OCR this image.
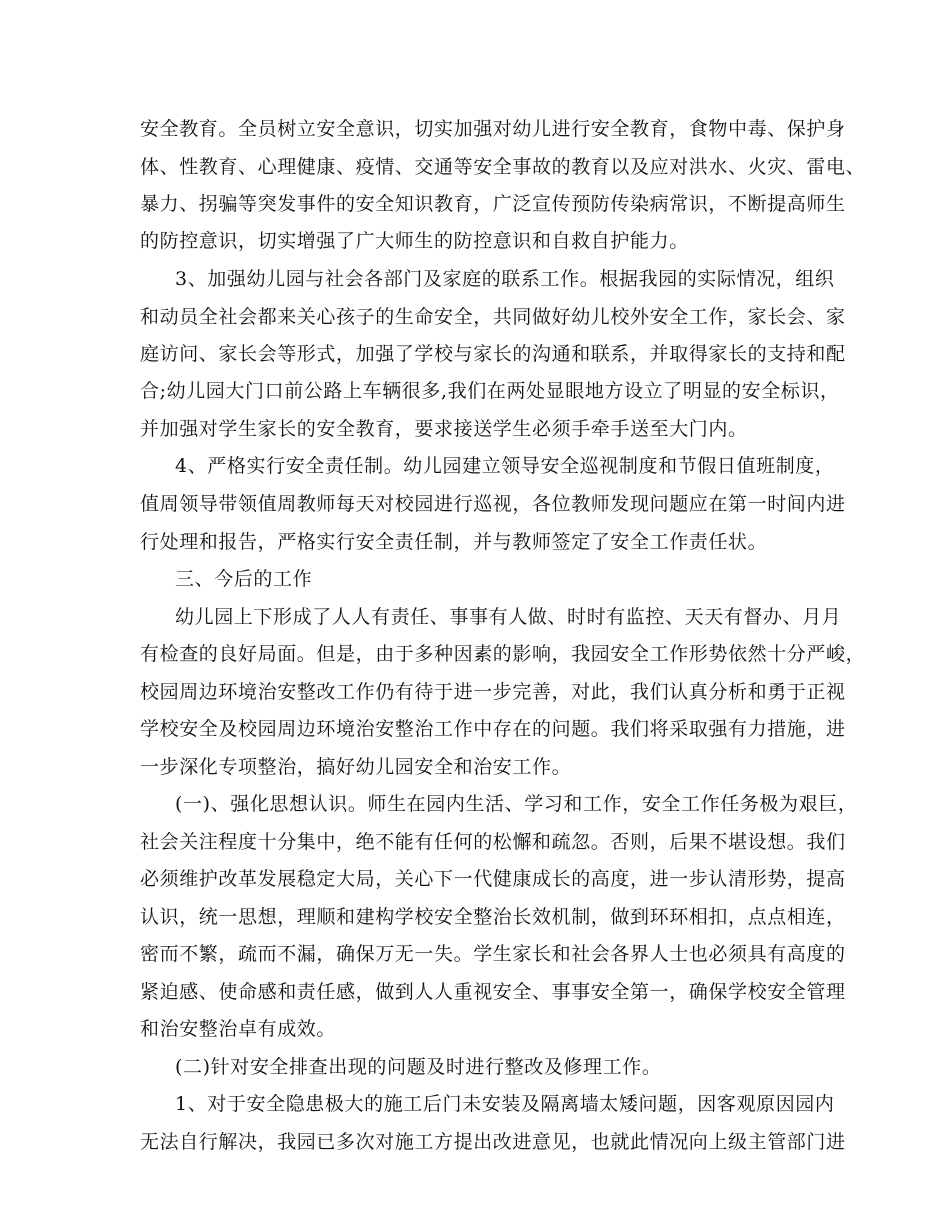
安全教育。全员树立安全意识，切实加强对幼儿进行安全教育，食物中毒、保护身
体、性教育、心理健康、疫情、交通等安全事故的教育以及应对洪水、火灾、雷电、
暴力、拐骗等突发事件的安全知识教育，广泛宣传预防传染病常识，不断提高师生
的防控意识，切实增强了广大师生的防控意识和自救自护能力。
3、加强幼儿园与社会各部门及家庭的联系工作。根据我园的实际情况，组织
和动员全社会都来关心孩子的生命安全，共同做好幼儿校外安全工作，家长会、家
庭访问、家长会等形式，加强了学校与家长的沟通和联系，并取得家长的支持和配
合;幼儿园大门口前公路上车辆很多,我们在两处显眼地方设立了明显的安全标识，
并加强对学生家长的安全教育，要求接送学生必须手牵手送至大门内。
4、严格实行安全责任制。幼儿园建立领导安全巡视制度和节假日值班制度，
值周领导带领值周教师每天对校园进行巡视，各位教师发现问题应在第一时间内进
行处理和报告，严格实行安全责任制，并与教师签定了安全工作责任状。
三、今后的工作
幼儿园上下形成了人人有责任、事事有人做、时时有监控、天天有督办、月月
有检查的良好局面。但是，由于多种因素的影响，我园安全工作形势依然十分严峻，
校园周边环境治安整改工作仍有待于进一步完善，对此，我们认真分析和勇于正视
学校安全及校园周边环境治安整治工作中存在的问题。我们将采取强有力措施，进
一步深化专项整治，搞好幼儿园安全和治安工作。
(一)、强化思想认识。师生在园内生活、学习和工作，安全工作任务极为艰巨，
社会关注程度十分集中，绝不能有任何的松懈和疏忽。否则，后果不堪设想。我们
必须维护改革发展稳定大局，关心下一代健康成长的高度，进一步认清形势，提高
认识，统一思想，理顺和建构学校安全整治长效机制，做到环环相扣，点点相连，
密而不繁，疏而不漏，确保万无一失。学生家长和社会各界人士也必须具有高度的
紧迫感、使命感和责任感，做到人人重视安全、事事安全第一，确保学校安全管理
和治安整治卓有成效。
(二)针对安全排查出现的问题及时进行整改及修理工作。
1、对于安全隐患极大的施工后门未安装及隔离墙太矮问题，因客观原因园内
无法自行解决，我园已多次对施工方提出改进意见，也就此情况向上级主管部门进
